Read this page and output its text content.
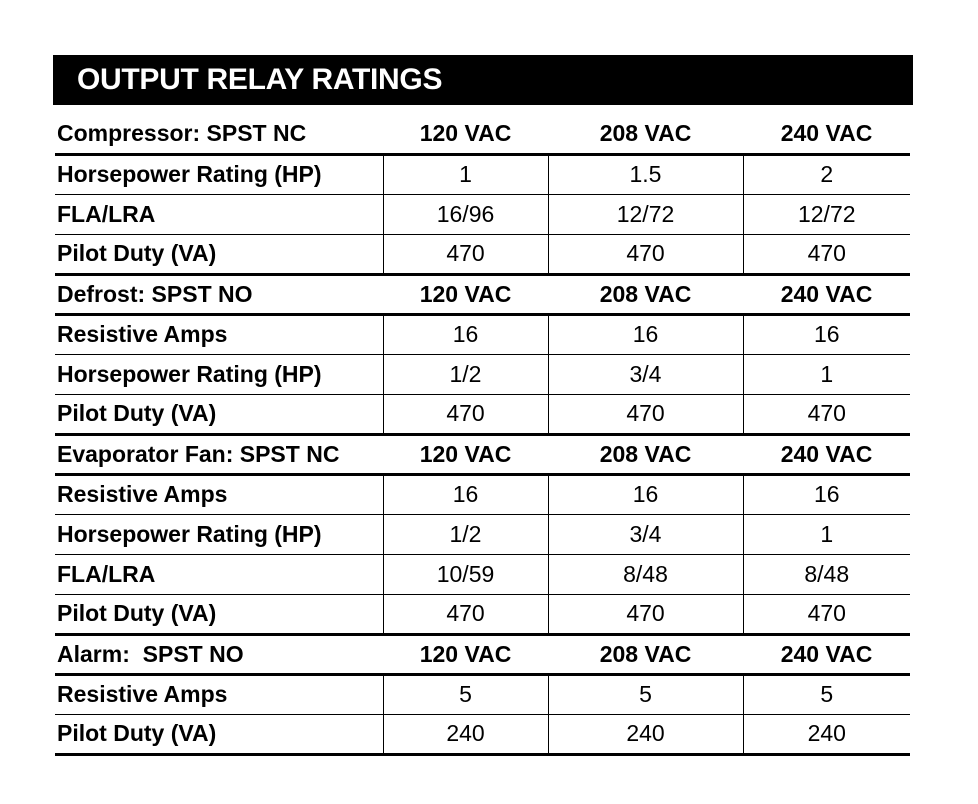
OUTPUT RELAY RATINGS
Compressor: SPST NC	120 VAC	208 VAC	240 VAC
Horsepower Rating (HP)	1	1.5	2
FLA/LRA	16/96	12/72	12/72
Pilot Duty (VA)	470	470	470
Defrost: SPST NO	120 VAC	208 VAC	240 VAC
Resistive Amps	16	16	16
Horsepower Rating (HP)	1/2	3/4	1
Pilot Duty (VA)	470	470	470
Evaporator Fan: SPST NC	120 VAC	208 VAC	240 VAC
Resistive Amps	16	16	16
Horsepower Rating (HP)	1/2	3/4	1
FLA/LRA	10/59	8/48	8/48
Pilot Duty (VA)	470	470	470
Alarm:  SPST NO	120 VAC	208 VAC	240 VAC
Resistive Amps	5	5	5
Pilot Duty (VA)	240	240	240
